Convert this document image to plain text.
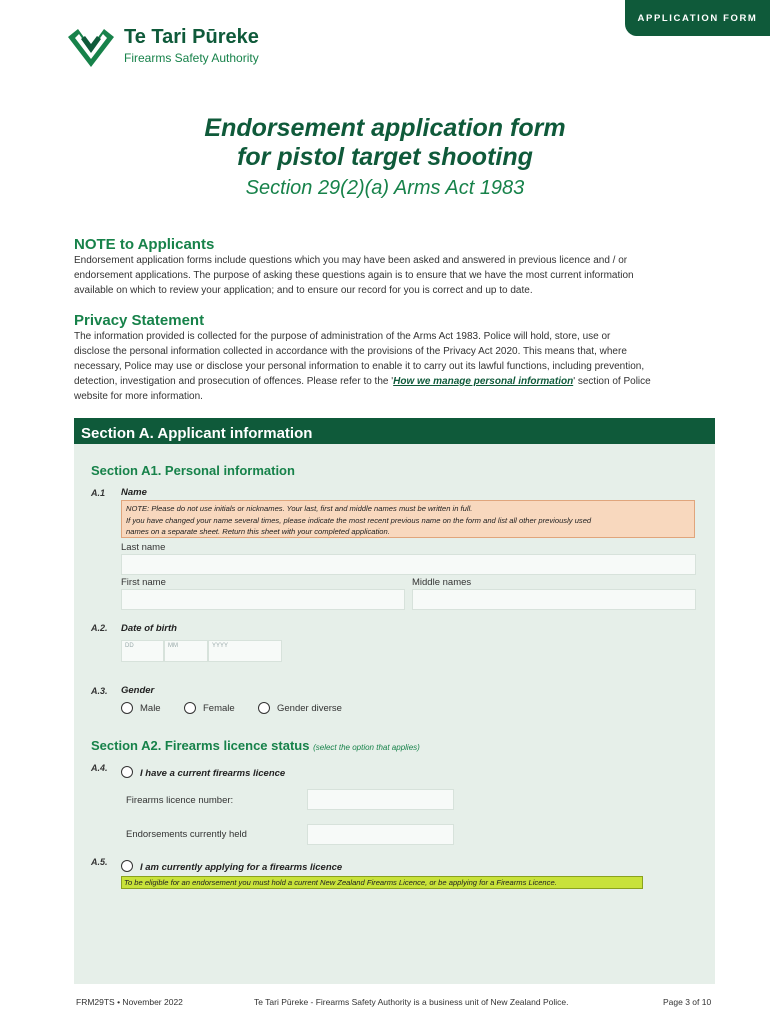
APPLICATION FORM
Te Tari Pūreke
Firearms Safety Authority
Endorsement application form
for pistol target shooting
Section 29(2)(a) Arms Act 1983
NOTE to Applicants
Endorsement application forms include questions which you may have been asked and answered in previous licence and / or
endorsement applications. The purpose of asking these questions again is to ensure that we have the most current information
available on which to review your application; and to ensure our record for you is correct and up to date.
Privacy Statement
The information provided is collected for the purpose of administration of the Arms Act 1983. Police will hold, store, use or
disclose the personal information collected in accordance with the provisions of the Privacy Act 2020. This means that, where
necessary, Police may use or disclose your personal information to enable it to carry out its lawful functions, including prevention,
detection, investigation and prosecution of offences. Please refer to the 'How we manage personal information' section of Police
website for more information.
Section A. Applicant information
Section A1. Personal information
A.1 Name
NOTE: Please do not use initials or nicknames. Your last, first and middle names must be written in full.
If you have changed your name several times, please indicate the most recent previous name on the form and list all other previously used
names on a separate sheet. Return this sheet with your completed application.
Last name
First name	Middle names
A.2. Date of birth
DD	MM	YYYY
A.3. Gender
Male	Female	Gender diverse
Section A2. Firearms licence status (select the option that applies)
A.4.	I have a current firearms licence
Firearms licence number:
Endorsements currently held
A.5.	I am currently applying for a firearms licence
To be eligible for an endorsement you must hold a current New Zealand Firearms Licence, or be applying for a Firearms Licence.
FRM29TS • November 2022	Te Tari Pūreke - Firearms Safety Authority is a business unit of New Zealand Police.	Page 3 of 10
